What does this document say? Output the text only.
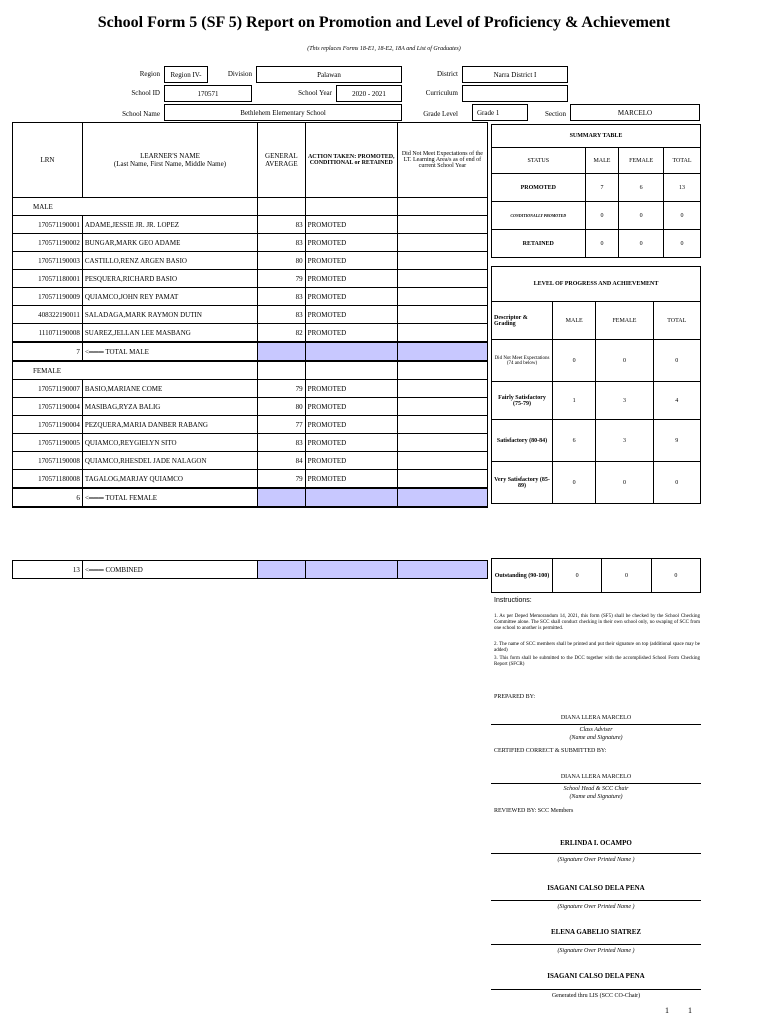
School Form 5 (SF 5) Report on Promotion and Level of Proficiency & Achievement
(This replaces Forms 18-E1, 18-E2, 18A and List of Graduates)
Region	Region IV-	Division	Palawan	District	Narra District I
School ID	170571	School Year	2020 - 2021	Curriculum
School Name	Bethlehem Elementary School	Grade Level	Grade 1	Section	MARCELO
LRN	LEARNER'S NAME
(Last Name, First Name, Middle Name)	GENERAL AVERAGE	ACTION TAKEN: PROMOTED, CONDITIONAL or RETAINED	Did Not Meet Expectations of the LT. Learning Area/s as of end of current School Year
MALE				
170571190001	ADAME,JESSIE JR. JR. LOPEZ	83	PROMOTED	
170571190002	BUNGAR,MARK GEO ADAME	83	PROMOTED	
170571190003	CASTILLO,RENZ ARGEN BASIO	80	PROMOTED	
170571180001	PESQUERA,RICHARD BASIO	79	PROMOTED	
170571190009	QUIAMCO,JOHN REY PAMAT	83	PROMOTED	
408322190011	SALADAGA,MARK RAYMON DUTIN	83	PROMOTED	
111071190008	SUAREZ,JELLAN LEE MASBANG	82	PROMOTED	
7	<═══ TOTAL MALE			
FEMALE				
170571190007	BASIO,MARIANE COME	79	PROMOTED	
170571190004	MASIBAG,RYZA BALIG	80	PROMOTED	
170571190004	PEZQUERA,MARIA DANBER RABANG	77	PROMOTED	
170571190005	QUIAMCO,REYGIELYN SITO	83	PROMOTED	
170571190008	QUIAMCO,RHESDEL JADE NALAGON	84	PROMOTED	
170571180008	TAGALOG,MARJAY QUIAMCO	79	PROMOTED	
6	<═══ TOTAL FEMALE			
13	<═══ COMBINED			
SUMMARY TABLE			
STATUS	MALE	FEMALE	TOTAL
PROMOTED	7	6	13
CONDITIONALLY PROMOTED	0	0	0
RETAINED	0	0	0
LEVEL OF PROGRESS AND ACHIEVEMENT			
Descriptor & Grading	MALE	FEMALE	TOTAL
Did Not Meet Expectations (74 and below)	0	0	0
Fairly Satisfactory (75-79)	1	3	4
Satisfactory (80-84)	6	3	9
Very Satisfactory (85-89)	0	0	0
Outstanding (90-100)	0	0	0
Instructions:
1. As per Deped Memorandum 14, 2021, this form (SF5) shall be checked by the School Checking Committee alone. The SCC shall conduct checking in their own school only, no swaping of SCC from one school to another is permitted.
2. The name of SCC members shall be printed and put their signature on top (additional space may be added)
3. This form shall be submitted to the DCC together with the accomplished School Form Checking Report (SFCR)
PREPARED BY:
DIANA LLERA MARCELO
Class Adviser
(Name and Signature)
CERTIFIED CORRECT & SUBMITTED BY:
DIANA LLERA MARCELO
School Head & SCC Chair
(Name and Signature)
REVIEWED BY: SCC Members
ERLINDA I. OCAMPO
(Signature Over Printed Name )
ISAGANI CALSO DELA PENA
(Signature Over Printed Name )
ELENA GABELIO SIATREZ
(Signature Over Printed Name )
ISAGANI CALSO DELA PENA
Generated thru LIS (SCC CO-Chair)
1 1
